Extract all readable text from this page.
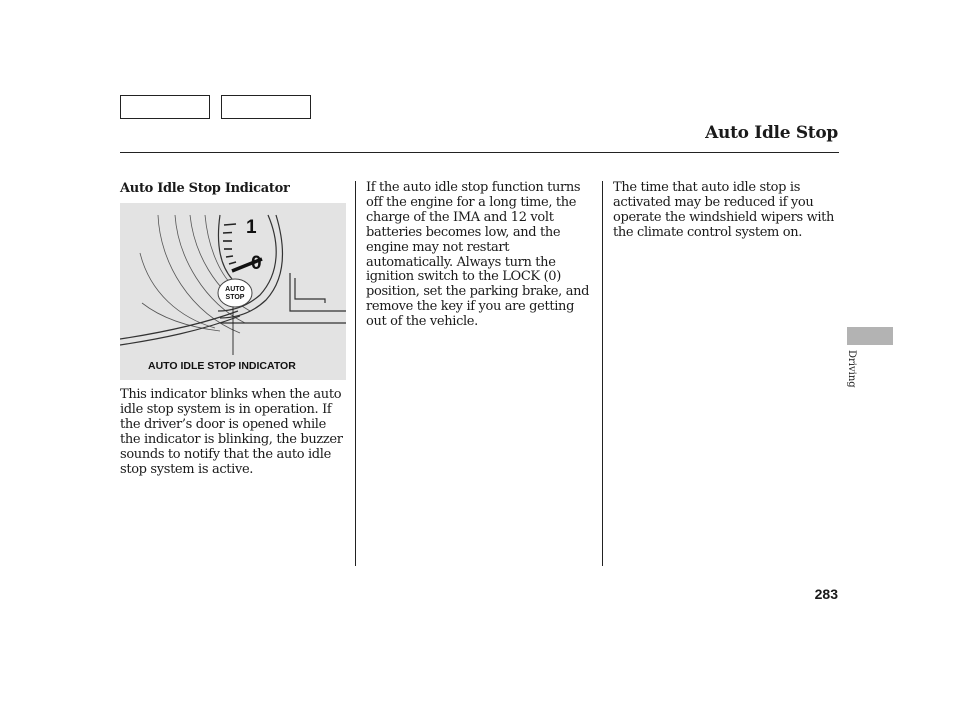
Auto Idle Stop
Auto Idle Stop Indicator
1
0
AUTO
STOP
AUTO IDLE STOP INDICATOR
This indicator blinks when the auto idle stop system is in operation. If the driver’s door is opened while the indicator is blinking, the buzzer sounds to notify that the auto idle stop system is active.
If the auto idle stop function turns off the engine for a long time, the charge of the IMA and 12 volt batteries becomes low, and the engine may not restart automatically. Always turn the ignition switch to the LOCK (0) position, set the parking brake, and remove the key if you are getting out of the vehicle.
The time that auto idle stop is activated may be reduced if you operate the windshield wipers with the climate control system on.
Driving
283
